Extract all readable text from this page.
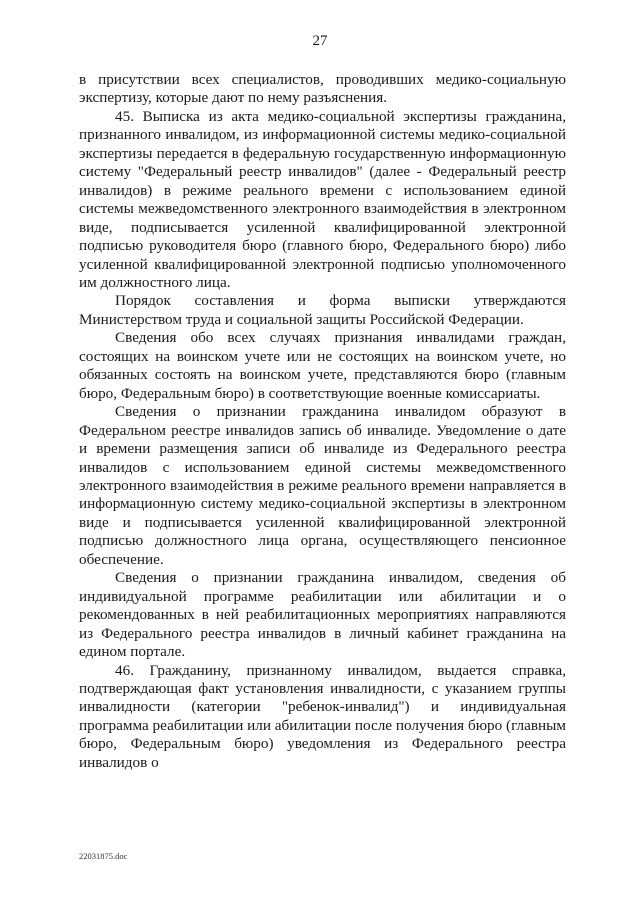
27

в присутствии всех специалистов, проводивших медико-социальную экспертизу, которые дают по нему разъяснения.

45. Выписка из акта медико-социальной экспертизы гражданина, признанного инвалидом, из информационной системы медико-социальной экспертизы передается в федеральную государственную информационную систему "Федеральный реестр инвалидов" (далее - Федеральный реестр инвалидов) в режиме реального времени с использованием единой системы межведомственного электронного взаимодействия в электронном виде, подписывается усиленной квалифицированной электронной подписью руководителя бюро (главного бюро, Федерального бюро) либо усиленной квалифицированной электронной подписью уполномоченного им должностного лица.

Порядок составления и форма выписки утверждаются Министерством труда и социальной защиты Российской Федерации.

Сведения обо всех случаях признания инвалидами граждан, состоящих на воинском учете или не состоящих на воинском учете, но обязанных состоять на воинском учете, представляются бюро (главным бюро, Федеральным бюро) в соответствующие военные комиссариаты.

Сведения о признании гражданина инвалидом образуют в Федеральном реестре инвалидов запись об инвалиде. Уведомление о дате и времени размещения записи об инвалиде из Федерального реестра инвалидов с использованием единой системы межведомственного электронного взаимодействия в режиме реального времени направляется в информационную систему медико-социальной экспертизы в электронном виде и подписывается усиленной квалифицированной электронной подписью должностного лица органа, осуществляющего пенсионное обеспечение.

Сведения о признании гражданина инвалидом, сведения об индивидуальной программе реабилитации или абилитации и о рекомендованных в ней реабилитационных мероприятиях направляются из Федерального реестра инвалидов в личный кабинет гражданина на едином портале.

46. Гражданину, признанному инвалидом, выдается справка, подтверждающая факт установления инвалидности, с указанием группы инвалидности (категории "ребенок-инвалид") и индивидуальная программа реабилитации или абилитации после получения бюро (главным бюро, Федеральным бюро) уведомления из Федерального реестра инвалидов о

22031875.doc
